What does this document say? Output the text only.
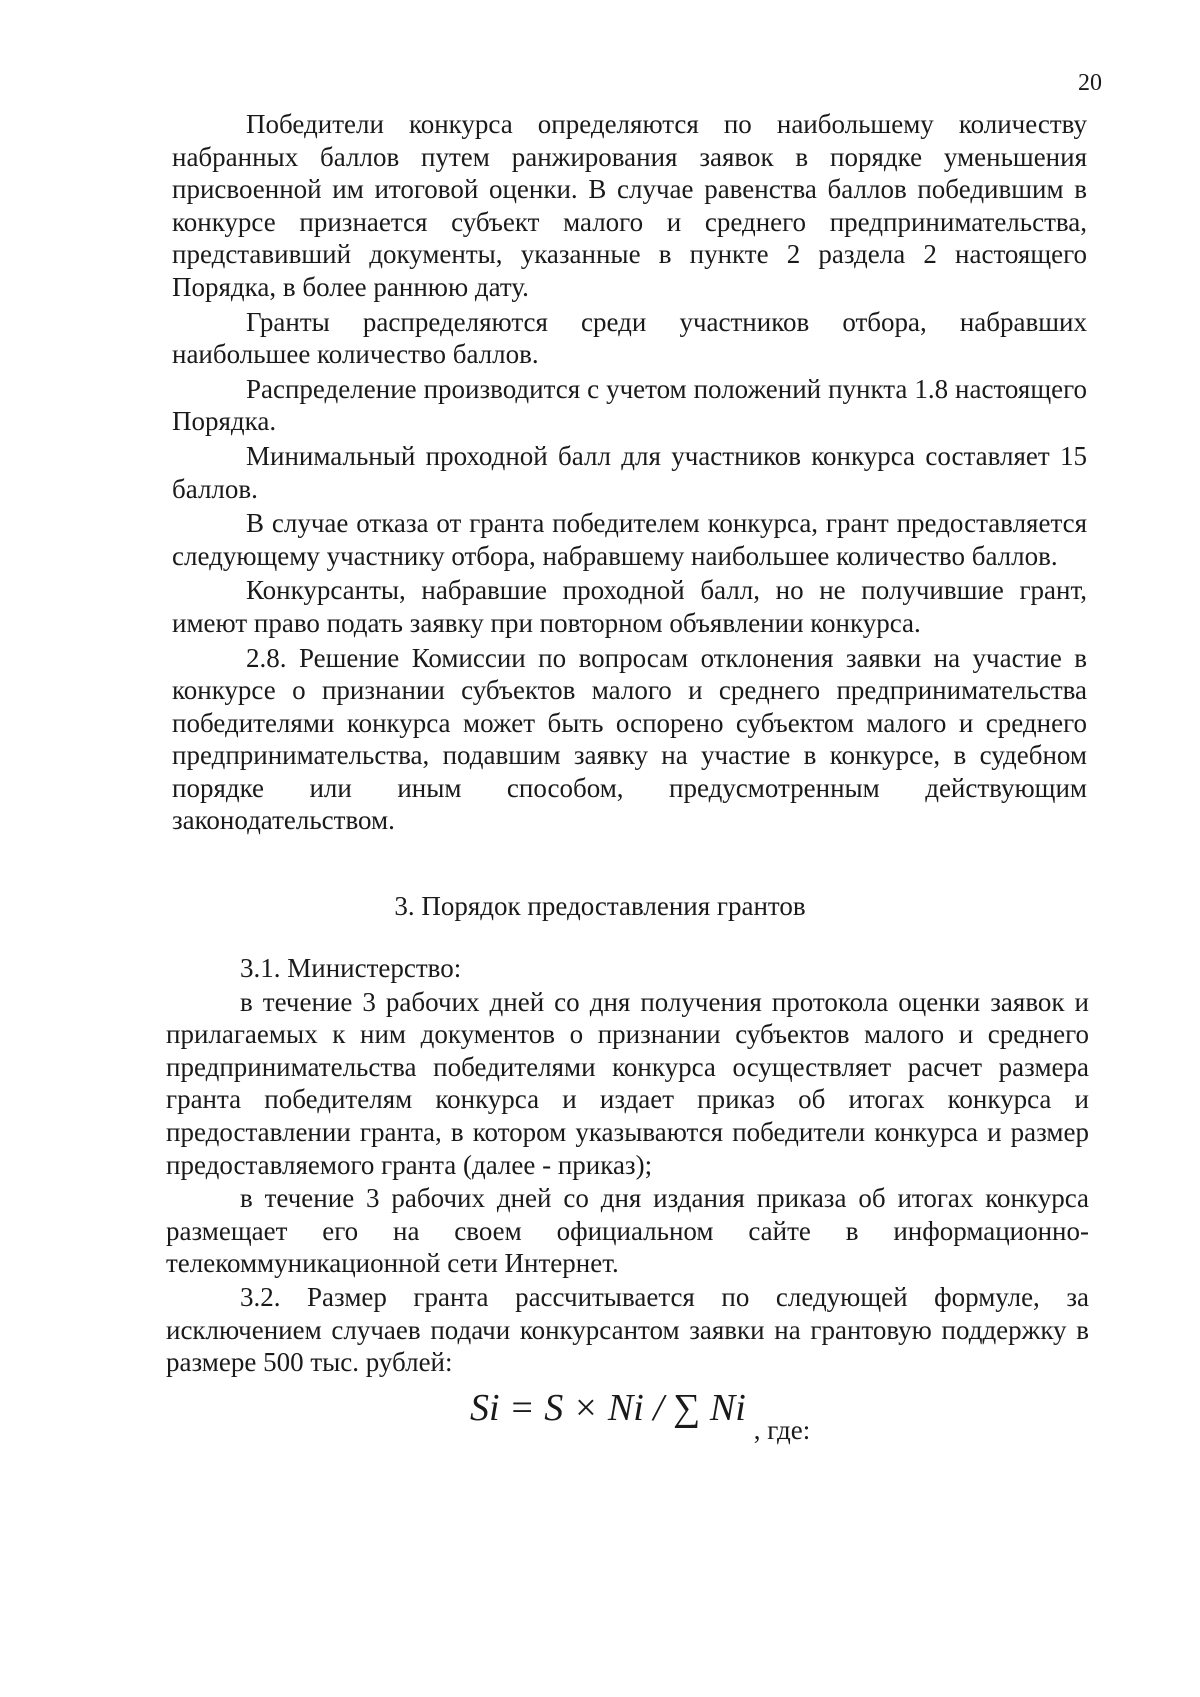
20

Победители конкурса определяются по наибольшему количеству набранных баллов путем ранжирования заявок в порядке уменьшения присвоенной им итоговой оценки. В случае равенства баллов победившим в конкурсе признается субъект малого и среднего предпринимательства, представивший документы, указанные в пункте 2 раздела 2 настоящего Порядка, в более раннюю дату.

Гранты распределяются среди участников отбора, набравших наибольшее количество баллов.

Распределение производится с учетом положений пункта 1.8 настоящего Порядка.

Минимальный проходной балл для участников конкурса составляет 15 баллов.

В случае отказа от гранта победителем конкурса, грант предоставляется следующему участнику отбора, набравшему наибольшее количество баллов.

Конкурсанты, набравшие проходной балл, но не получившие грант, имеют право подать заявку при повторном объявлении конкурса.

2.8. Решение Комиссии по вопросам отклонения заявки на участие в конкурсе о признании субъектов малого и среднего предпринимательства победителями конкурса может быть оспорено субъектом малого и среднего предпринимательства, подавшим заявку на участие в конкурсе, в судебном порядке или иным способом, предусмотренным действующим законодательством.

3. Порядок предоставления грантов

3.1. Министерство:

в течение 3 рабочих дней со дня получения протокола оценки заявок и прилагаемых к ним документов о признании субъектов малого и среднего предпринимательства победителями конкурса осуществляет расчет размера гранта победителям конкурса и издает приказ об итогах конкурса и предоставлении гранта, в котором указываются победители конкурса и размер предоставляемого гранта (далее - приказ);

в течение 3 рабочих дней со дня издания приказа об итогах конкурса размещает его на своем официальном сайте в информационно-телекоммуникационной сети Интернет.

3.2. Размер гранта рассчитывается по следующей формуле, за исключением случаев подачи конкурсантом заявки на грантовую поддержку в размере 500 тыс. рублей:

Si = S × Ni / ∑ Ni
, где:
